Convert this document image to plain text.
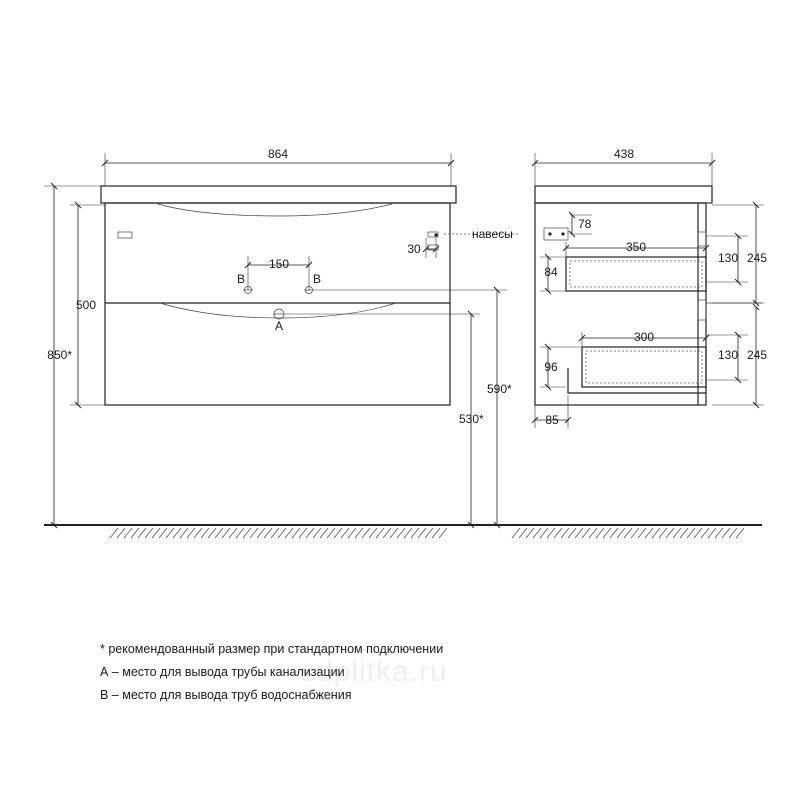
864
850*
500
150
B	B
A
30
навесы
590*
530*
78
350
84
300
96
130 245
130 245
438
85
* рекомендованный размер при стандартном подключении
А – место для вывода трубы канализации
В – место для вывода труб водоснабжения
sdplitka.ru
